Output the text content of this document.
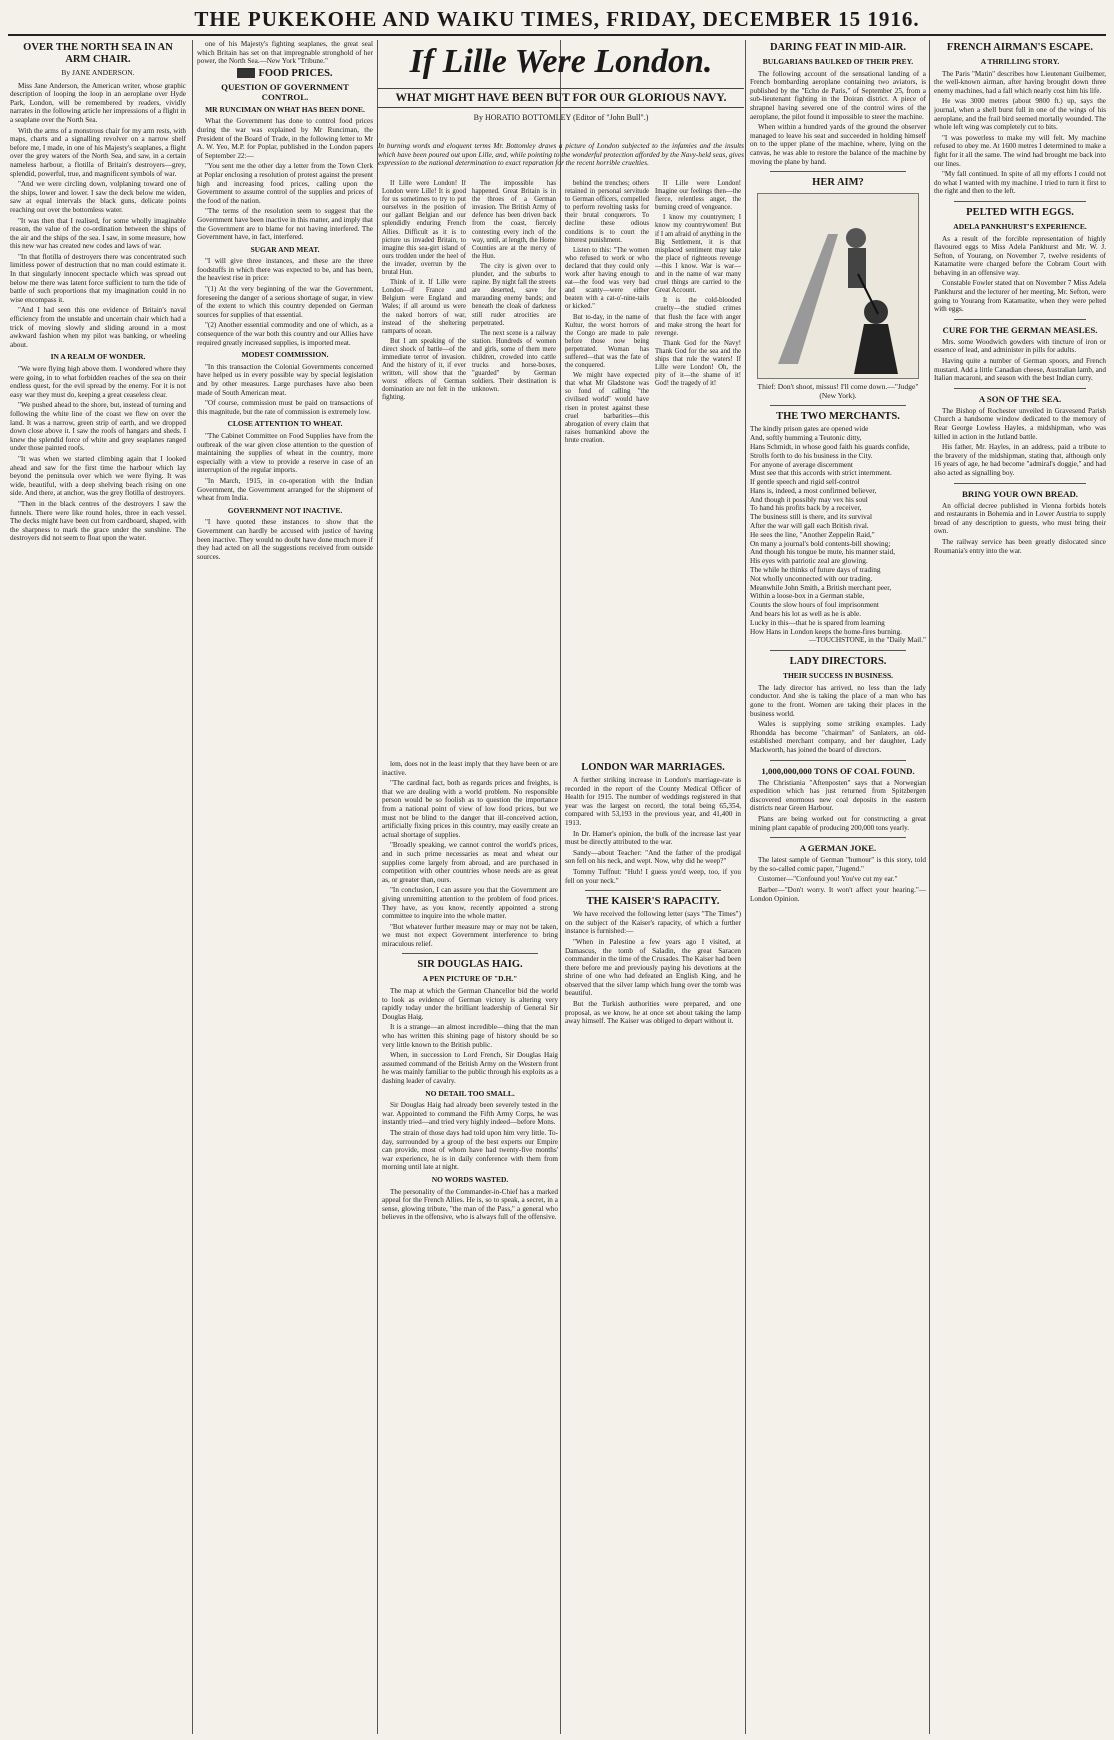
THE PUKEKOHE AND WAIKU TIMES, FRIDAY, DECEMBER 15 1916.
OVER THE NORTH SEA IN AN ARM CHAIR.
By JANE ANDERSON.

Miss Jane Anderson, the American writer, whose graphic description of looping the loop in an aeroplane over Hyde Park, London, will be remembered by readers, vividly narrates in the following article her impressions of a flight in a seaplane over the North Sea.

With the arms of a monstrous chair for my arm rests, with maps, charts and a signalling revolver on a narrow shelf before me, I made, in one of his Majesty's seaplanes, a flight over the grey waters of the North Sea, and saw, in a certain nameless harbour, a flotilla of Britain's destroyers—grey, splendid, powerful, true, and magnificent symbols of war.

"And we were circling down, volplaning toward one of the ships, lower and lower. I saw the deck below me widen, saw at equal intervals the black guns, delicate points reaching out over the bottomless water.

"It was then that I realised, for some wholly imaginable reason, the value of the co-ordination between the ships of the air and the ships of the sea. I saw, in some measure, how this new war has created new codes and laws of war.

"In that flotilla of destroyers there was concentrated such limitless power of destruction that no man could estimate it. In that singularly innocent spectacle which was spread out below me there was latent force sufficient to turn the tide of battle of such proportions that my imagination could in no wise encompass it.

"And I had seen this one evidence of Britain's naval efficiency from the unstable and uncertain chair which had a trick of moving slowly and sliding around in a most awkward fashion when my pilot was banking, or wheeling about.

IN A REALM OF WONDER.

"We were flying high above them. I wondered where they were going, in to what forbidden reaches of the sea on their endless quest, for the evil spread by the enemy. For it is not easy war they must do, keeping a great ceaseless clear.

"We pushed ahead to the shore, but, instead of turning and following the white line of the coast we flew on over the land. It was a narrow, green strip of earth, and we dropped down close above it. I saw the roofs of hangars and sheds. I knew the splendid force of white and grey seaplanes ranged under those painted roofs.

"It was when we started climbing again that I looked ahead and saw for the first time the harbour which lay beyond the peninsula over which we were flying. It was wide, beautiful, with a deep shelving beach rising on one side. And there, at anchor, was the grey flotilla of destroyers.

"Then in the black centres of the destroyers I saw the funnels. There were like round holes, three in each vessel. The decks might have been cut from cardboard, shaped, with the sharpness to mark the grace under the sunshine. The destroyers did not seem to float upon the water.

one of his Majesty's fighting seaplanes, the great seal which Britain has set on that impregnable stronghold of her power, the North Sea.—New York "Tribune."

FOOD PRICES.
QUESTION OF GOVERNMENT CONTROL.
MR RUNCIMAN ON WHAT HAS BEEN DONE.

What the Government has done to control food prices during the war was explained by Mr Runciman, the President of the Board of Trade, in the following letter to Mr A. W. Yeo, M.P. for Poplar, published in the London papers of September 22:—

"You sent me the other day a letter from the Town Clerk at Poplar enclosing a resolution of protest against the present high and increasing food prices, calling upon the Government to assume control of the supplies and prices of the food of the nation.

"The terms of the resolution seem to suggest that the Government have been inactive in this matter, and imply that the Government are to blame for not having interfered. The Government have, in fact, interfered.

SUGAR AND MEAT.

"I will give three instances, and these are the three foodstuffs in which there was expected to be, and has been, the heaviest rise in price:

"(1) At the very beginning of the war the Government, foreseeing the danger of a serious shortage of sugar, in view of the extent to which this country depended on German sources for supplies of that essential.

"(2) Another essential commodity and one of which, as a consequence of the war both this country and our Allies have required greatly increased supplies, is imported meat.

MODEST COMMISSION.

"In this transaction the Colonial Governments concerned have helped us in every possible way by special legislation and by other measures. Large purchases have also been made of South American meat.

"Of course, commission must be paid on transactions of this magnitude, but the rate of commission is extremely low.

CLOSE ATTENTION TO WHEAT.

"The Cabinet Committee on Food Supplies have from the outbreak of the war given close attention to the question of maintaining the supplies of wheat in the country, more especially with a view to provide a reserve in case of an interruption of the regular imports.

"In March, 1915, in co-operation with the Indian Government, the Government arranged for the shipment of wheat from India.

GOVERNMENT NOT INACTIVE.

"I have quoted these instances to show that the Government can hardly be accused with justice of having been inactive. They would no doubt have done much more if they had acted on all the suggestions received from outside sources.

If Lille Were London.
WHAT MIGHT HAVE BEEN BUT FOR OUR GLORIOUS NAVY.
By HORATIO BOTTOMLEY (Editor of "John Bull".)
In burning words and eloquent terms Mr. Bottomley draws a picture of London subjected to the infamies and the insults which have been poured out upon Lille, and, while pointing to the wonderful protection afforded by the Navy-held seas, gives expression to the national determination to exact reparation for the recent horrible cruelties.

If Lille were London! If London were Lille! It is good for us sometimes to try to put ourselves in the position of our gallant Belgian and our splendidly enduring French Allies. Difficult as it is to picture us invaded Britain, to imagine this sea-girt island of ours trodden under the heel of the invader, overrun by the brutal Hun.

Think of it. If Lille were London—if France and Belgium were England and Wales; if all around us were the naked horrors of war, instead of the sheltering ramparts of ocean.

But I am speaking of the direct shock of battle—of the immediate terror of invasion. And the history of it, if ever written, will show that the worst effects of German domination are not felt in the fighting.

The impossible has happened. Great Britain is in the throes of a German invasion. The British Army of defence has been driven back from the coast, fiercely contesting every inch of the way, until, at length, the Home Counties are at the mercy of the Hun.

The city is given over to plunder, and the suburbs to rapine. By night fall the streets are deserted, save for marauding enemy bands; and beneath the cloak of darkness still ruder atrocities are perpetrated.

The next scene is a railway station. Hundreds of women and girls, some of them mere children, crowded into cattle trucks and horse-boxes, "guarded" by German soldiers. Their destination is unknown.

behind the trenches; others retained in personal servitude to German officers, compelled to perform revolting tasks for their brutal conquerors. To decline these odious conditions is to court the bitterest punishment.

Listen to this: "The women who refused to work or who declared that they could only work after having enough to eat—the food was very bad and scanty—were either beaten with a cat-o'-nine-tails or kicked."

But to-day, in the name of Kultur, the worst horrors of the Congo are made to pale before those now being perpetrated. Woman has suffered—that was the fate of the conquered.

We might have expected that what Mr Gladstone was so fond of calling "the civilised world" would have risen in protest against these cruel barbarities—this abrogation of every claim that raises humankind above the brute creation.

If Lille were London! Imagine our feelings then—the fierce, relentless anger, the burning creed of vengeance.

I know my countrymen; I know my countrywomen! But if I am afraid of anything in the Big Settlement, it is that misplaced sentiment may take the place of righteous revenge—this I know. War is war—and in the name of war many cruel things are carried to the Great Account.

It is the cold-blooded cruelty—the studied crimes that flush the face with anger and make strong the heart for revenge.

Thank God for the Navy! Thank God for the sea and the ships that rule the waters! If Lille were London! Oh, the pity of it—the shame of it! God! the tragedy of it!

lem, does not in the least imply that they have been or are inactive.

"The cardinal fact, both as regards prices and freights, is that we are dealing with a world problem. No responsible person would be so foolish as to question the importance from a national point of view of low food prices, but we must not be blind to the danger that ill-conceived action, artificially fixing prices in this country, may easily create an actual shortage of supplies.

"Broadly speaking, we cannot control the world's prices, and in such prime necessaries as meat and wheat our supplies come largely from abroad, and are purchased in competition with other countries whose needs are as great as, or greater than, ours.

"In conclusion, I can assure you that the Government are giving unremitting attention to the problem of food prices. They have, as you know, recently appointed a strong committee to inquire into the whole matter.

"But whatever further measure may or may not be taken, we must not expect Government interference to bring miraculous relief.

SIR DOUGLAS HAIG.
A PEN PICTURE OF "D.H."

The map at which the German Chancellor bid the world to look as evidence of German victory is altering very rapidly today under the brilliant leadership of General Sir Douglas Haig.

It is a strange—an almost incredible—thing that the man who has written this shining page of history should be so very little known to the British public.

When, in succession to Lord French, Sir Douglas Haig assumed command of the British Army on the Western front he was mainly familiar to the public through his exploits as a dashing leader of cavalry.

NO DETAIL TOO SMALL.

Sir Douglas Haig had already been severely tested in the war. Appointed to command the Fifth Army Corps, he was instantly tried—and tried very highly indeed—before Mons.

The strain of those days had told upon him very little. To-day, surrounded by a group of the best experts our Empire can provide, most of whom have had twenty-five months' war experience, he is in daily conference with them from morning until late at night.

NO WORDS WASTED.

The personality of the Commander-in-Chief has a marked appeal for the French Allies. He is, so to speak, a secret, in a sense, glowing tribute, "the man of the Pass," a general who believes in the offensive, who is always full of the offensive.

LONDON WAR MARRIAGES.

A further striking increase in London's marriage-rate is recorded in the report of the County Medical Officer of Health for 1915. The number of weddings registered in that year was the largest on record, the total being 65,354, compared with 53,193 in the previous year, and 41,400 in 1913.

In Dr. Hamer's opinion, the bulk of the increase last year must be directly attributed to the war.

Sandy—about Teacher: "And the father of the prodigal son fell on his neck, and wept. Now, why did he weep?"

Tommy Tuffnut: "Huh! I guess you'd weep, too, if you fell on your neck."

THE KAISER'S RAPACITY.

We have received the following letter (says "The Times") on the subject of the Kaiser's rapacity, of which a further instance is furnished:—

"When in Palestine a few years ago I visited, at Damascus, the tomb of Saladin, the great Saracen commander in the time of the Crusades. The Kaiser had been there before me and previously paying his devotions at the shrine of one who had defeated an English King, and he observed that the silver lamp which hung over the tomb was beautiful.

But the Turkish authorities were prepared, and one proposal, as we know, he at once set about taking the lamp away himself. The Kaiser was obliged to depart without it.

DARING FEAT IN MID-AIR.
BULGARIANS BAULKED OF THEIR PREY.

The following account of the sensational landing of a French bombarding aeroplane containing two aviators, is published by the "Echo de Paris," of September 25, from a sub-lieutenant fighting in the Doiran district. A piece of shrapnel having severed one of the control wires of the aeroplane, the pilot found it impossible to steer the machine.

When within a hundred yards of the ground the observer managed to leave his seat and succeeded in holding himself on to the upper plane of the machine, where, lying on the canvas, he was able to restore the balance of the machine by moving the plane by hand.

HER AIM?
Thief: Don't shoot, missus! I'll come down.—"Judge" (New York).
THE TWO MERCHANTS.
The kindly prison gates are opened wide
And, softly humming a Teutonic ditty,
Hans Schmidt, in whose good faith his guards confide,
Strolls forth to do his business in the City.
For anyone of average discernment
Must see that this accords with strict internment.
If gentle speech and rigid self-control
Hans is, indeed, a most confirmed believer,
And though it possibly may vex his soul
To hand his profits back by a receiver,
The business still is there, and its survival
After the war will gall each British rival.
He sees the line, "Another Zeppelin Raid,"
On many a journal's bold contents-bill showing;
And though his tongue be mute, his manner staid,
His eyes with patriotic zeal are glowing.
The while he thinks of future days of trading
Not wholly unconnected with our trading.
Meanwhile John Smith, a British merchant peer,
Within a loose-box in a German stable,
Counts the slow hours of foul imprisonment
And bears his lot as well as he is able.
Lucky in this—that he is spared from learning
How Hans in London keeps the home-fires burning.
—TOUCHSTONE, in the "Daily Mail."
LADY DIRECTORS.
THEIR SUCCESS IN BUSINESS.

The lady director has arrived, no less than the lady conductor. And she is taking the place of a man who has gone to the front. Women are taking their places in the business world.

Wales is supplying some striking examples. Lady Rhondda has become "chairman" of Sanlaters, an old-established merchant company, and her daughter, Lady Mackworth, has joined the board of directors.

1,000,000,000 TONS OF COAL FOUND.

The Christiania "Aftenposten" says that a Norwegian expedition which has just returned from Spitzbergen discovered enormous new coal deposits in the eastern districts near Green Harbour.

Plans are being worked out for constructing a great mining plant capable of producing 200,000 tons yearly.

A GERMAN JOKE.

The latest sample of German "humour" is this story, told by the so-called comic paper, "Jugend."

Customer—"Confound you! You've cut my ear."

Barber—"Don't worry. It won't affect your hearing."—London Opinion.

FRENCH AIRMAN'S ESCAPE.
A THRILLING STORY.

The Paris "Matin" describes how Lieutenant Guilbemer, the well-known airman, after having brought down three enemy machines, had a fall which nearly cost him his life.

He was 3000 metres (about 9800 ft.) up, says the journal, when a shell burst full in one of the wings of his aeroplane, and the frail bird seemed mortally wounded. The whole left wing was completely cut to bits.

"I was powerless to make my will felt. My machine refused to obey me. At 1600 metres I determined to make a fight for it all the same. The wind had brought me back into our lines.

"My fall continued. In spite of all my efforts I could not do what I wanted with my machine. I tried to turn it first to the right and then to the left.

PELTED WITH EGGS.
ADELA PANKHURST'S EXPERIENCE.

As a result of the forcible representation of highly flavoured eggs to Miss Adela Pankhurst and Mr. W. J. Sefton, of Yourang, on November 7, twelve residents of Katamatite were charged before the Cobram Court with behaving in an offensive way.

Constable Fowler stated that on November 7 Miss Adela Pankhurst and the lecturer of her meeting, Mr. Sefton, were going to Yourang from Katamatite, when they were pelted with eggs.

CURE FOR THE GERMAN MEASLES.

Mrs. some Woodwich gowders with tincture of iron or essence of lead, and administer in pills for adults.

Having quite a number of German spoors, and French mustard. Add a little Canadian cheese, Australian lamb, and Italian macaroni, and season with the best Indian curry.

A SON OF THE SEA.

The Bishop of Rochester unveiled in Gravesend Parish Church a handsome window dedicated to the memory of Rear George Lowless Hayles, a midshipman, who was killed in action in the Jutland battle.

His father, Mr. Hayles, in an address, paid a tribute to the bravery of the midshipman, stating that, although only 16 years of age, he had become "admiral's doggie," and had also acted as signalling boy.

BRING YOUR OWN BREAD.

An official decree published in Vienna forbids hotels and restaurants in Bohemia and in Lower Austria to supply bread of any description to guests, who must bring their own.

The railway service has been greatly dislocated since Roumania's entry into the war.
